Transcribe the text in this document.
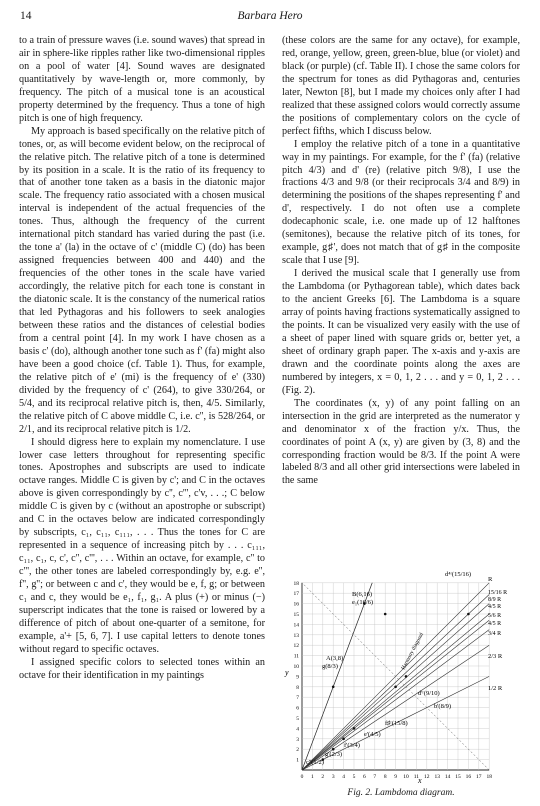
14	Barbara Hero

to a train of pressure waves (i.e. sound waves) that spread in air in sphere-like ripples rather like two-dimensional ripples on a pool of water [4]. Sound waves are designated quantitatively by wave-length or, more commonly, by frequency. The pitch of a musical tone is an acoustical property determined by the frequency. Thus a tone of high pitch is one of high frequency.

My approach is based specifically on the relative pitch of tones, or, as will become evident below, on the reciprocal of the relative pitch. The relative pitch of a tone is determined by its position in a scale. It is the ratio of its frequency to that of another tone taken as a basis in the diatonic major scale. The frequency ratio associated with a chosen musical interval is independent of the actual frequencies of the tones. Thus, although the frequency of the current international pitch standard has varied during the past (i.e. the tone a' (la) in the octave of c' (middle C) (do) has been assigned frequencies between 400 and 440) and the frequencies of the other tones in the scale have varied accordingly, the relative pitch for each tone is constant in the diatonic scale. It is the constancy of the numerical ratios that led Pythagoras and his followers to seek analogies between these ratios and the distances of celestial bodies from a central point [4]. In my work I have chosen as a basis c' (do), although another tone such as f' (fa) might also have been a good choice (cf. Table 1). Thus, for example, the relative pitch of e' (mi) is the frequency of e' (330) divided by the frequency of c' (264), to give 330/264, or 5/4, and its reciprocal relative pitch is, then, 4/5. Similarly, the relative pitch of C above middle C, i.e. c'', is 528/264, or 2/1, and its reciprocal relative pitch is 1/2.

I should digress here to explain my nomenclature. I use lower case letters throughout for representing specific tones. Apostrophes and subscripts are used to indicate octave ranges. Middle C is given by c'; and C in the octaves above is given correspondingly by c'', c''', c'v, . . .; C below middle C is given by c (without an apostrophe or subscript) and C in the octaves below are indicated correspondingly by subscripts, c₁, c₁₁, c₁₁₁, . . . Thus the tones for C are represented in a sequence of increasing pitch by . . . c₁₁₁, c₁₁, c₁, c, c', c'', c''', . . . Within an octave, for example, c'' to c''', the other tones are labeled correspondingly by, e.g. e'', f'', g''; or between c and c', they would be e, f, g; or between c₁ and c, they would be e₁, f₁, g₁. A plus (+) or minus (−) superscript indicates that the tone is raised or lowered by a difference of pitch of about one-quarter of a semitone, for example, a'+ [5, 6, 7]. I use capital letters to denote tones without regard to specific octaves.

I assigned specific colors to selected tones within an octave for their identification in my paintings

(these colors are the same for any octave), for example, red, orange, yellow, green, green-blue, blue (or violet) and black (or purple) (cf. Table II). I chose the same colors for the spectrum for tones as did Pythagoras and, centuries later, Newton [8], but I made my choices only after I had realized that these assigned colors would correctly assume the positions of complementary colors on the cycle of perfect fifths, which I discuss below.

I employ the relative pitch of a tone in a quantitative way in my paintings. For example, for the f' (fa) (relative pitch 4/3) and d' (re) (relative pitch 9/8), I use the fractions 4/3 and 9/8 (or their reciprocals 3/4 and 8/9) in determining the positions of the shapes representing f' and d', respectively. I do not often use a complete dodecaphonic scale, i.e. one made up of 12 halftones (semitones), because the relative pitch of its tones, for example, g♯', does not match that of g♯ in the composite scale that I use [9].

I derived the musical scale that I generally use from the Lambdoma (or Pythagorean table), which dates back to the ancient Greeks [6]. The Lambdoma is a square array of points having fractions systematically assigned to the points. It can be visualized very easily with the use of a sheet of paper lined with square grids or, better yet, a sheet of ordinary graph paper. The x-axis and y-axis are drawn and the coordinate points along the axes are numbered by integers, x = 0, 1, 2 . . . and y = 0, 1, 2 . . . (Fig. 2).

The coordinates (x, y) of any point falling on an intersection in the grid are interpreted as the numerator y and denominator x of the fraction y/x. Thus, the coordinates of point A (x, y) are given by (3, 8) and the corresponding fraction would be 8/3. If the point A were labeled 8/3 and all other grid intersections were labeled in the same

0 1 2 3 4 5 6 7 8 9 10 11 12 13 14 15 16 17 18
1
2
3
4
5
6
7
8
9
10
11
12
13
14
15
16
17
18
x
y
B(6,16)
e₁(16/6)
A(3,8)
g(8/3)
d⁴ʳ(15/16)
Harmony diagonal
d'ʳ(9/10)
b'(8/9)
f♯ʳ(15/8)
e'(4/5)
f'(3/4)
g'(2/3)
c''(1/2)
R
15/16 R
8/9 R
4/5 R
5/6 R
4/5 R
3/4 R
2/3 R
1/2 R
Fig. 2. Lambdoma diagram.
